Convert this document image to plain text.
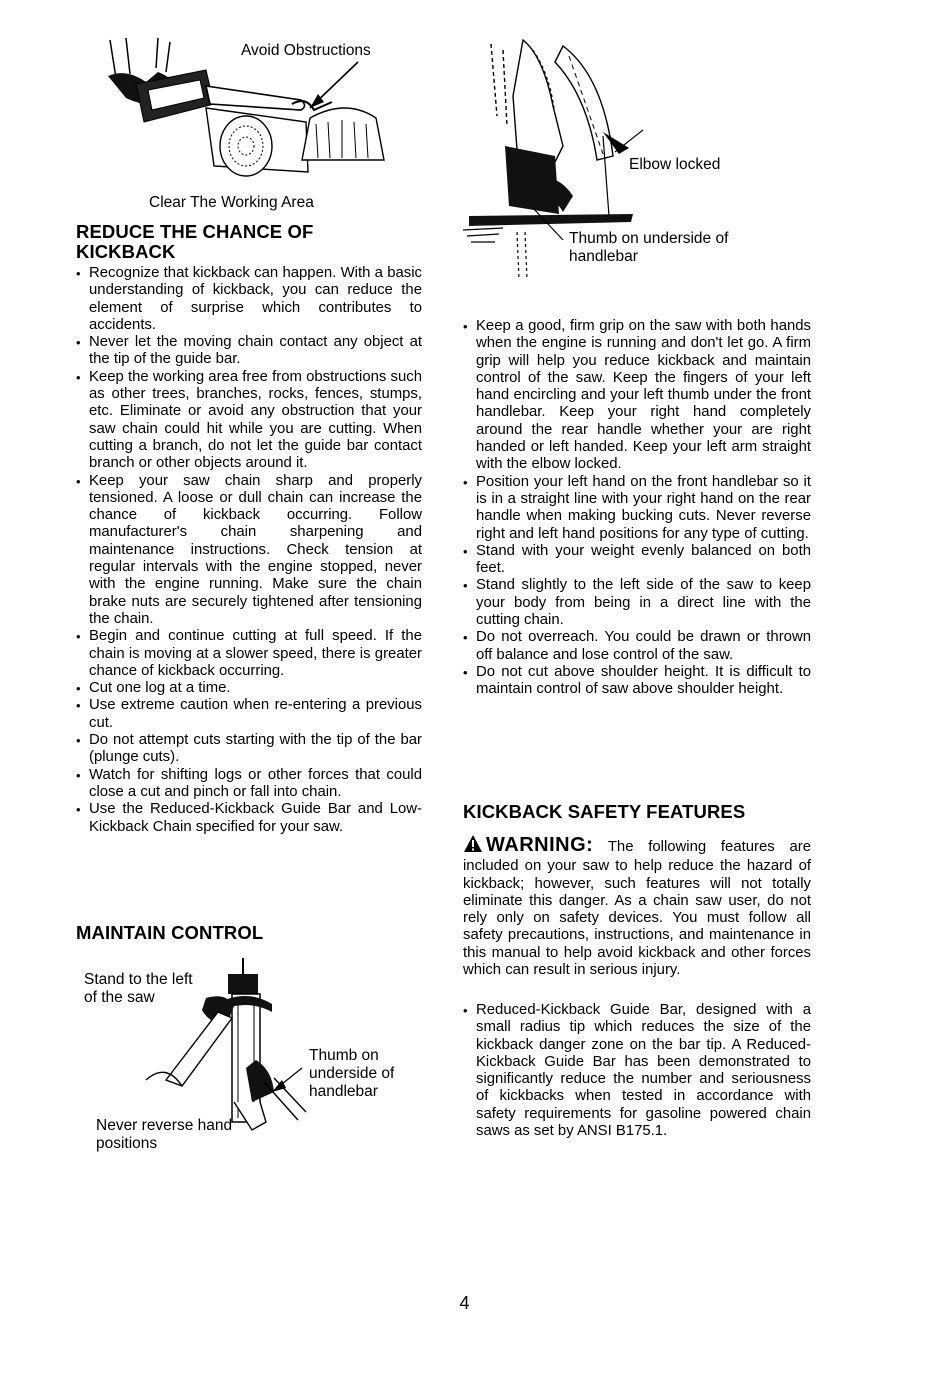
Avoid Obstructions
Clear The Working Area
REDUCE THE CHANCE OF KICKBACK
• Recognize that kickback can happen. With a basic understanding of kickback, you can reduce the element of surprise which contributes to accidents.
• Never let the moving chain contact any object at the tip of the guide bar.
• Keep the working area free from obstructions such as other trees, branches, rocks, fences, stumps, etc. Eliminate or avoid any obstruction that your saw chain could hit while you are cutting. When cutting a branch, do not let the guide bar contact branch or other objects around it.
• Keep your saw chain sharp and properly tensioned. A loose or dull chain can increase the chance of kickback occurring. Follow manufacturer's chain sharpening and maintenance instructions. Check tension at regular intervals with the engine stopped, never with the engine running. Make sure the chain brake nuts are securely tightened after tensioning the chain.
• Begin and continue cutting at full speed. If the chain is moving at a slower speed, there is greater chance of kickback occurring.
• Cut one log at a time.
• Use extreme caution when re-entering a previous cut.
• Do not attempt cuts starting with the tip of the bar (plunge cuts).
• Watch for shifting logs or other forces that could close a cut and pinch or fall into chain.
• Use the Reduced-Kickback Guide Bar and Low-Kickback Chain specified for your saw.
MAINTAIN CONTROL
Stand to the left of the saw
Thumb on underside of handlebar
Never reverse hand positions
Elbow locked
Thumb on underside of handlebar
• Keep a good, firm grip on the saw with both hands when the engine is running and don't let go. A firm grip will help you reduce kickback and maintain control of the saw. Keep the fingers of your left hand encircling and your left thumb under the front handlebar. Keep your right hand completely around the rear handle whether your are right handed or left handed. Keep your left arm straight with the elbow locked.
• Position your left hand on the front handlebar so it is in a straight line with your right hand on the rear handle when making bucking cuts. Never reverse right and left hand positions for any type of cutting.
• Stand with your weight evenly balanced on both feet.
• Stand slightly to the left side of the saw to keep your body from being in a direct line with the cutting chain.
• Do not overreach. You could be drawn or thrown off balance and lose control of the saw.
• Do not cut above shoulder height. It is difficult to maintain control of saw above shoulder height.
KICKBACK SAFETY FEATURES

WARNING: The following features are included on your saw to help reduce the hazard of kickback; however, such features will not totally eliminate this danger. As a chain saw user, do not rely only on safety devices. You must follow all safety precautions, instructions, and maintenance in this manual to help avoid kickback and other forces which can result in serious injury.

• Reduced-Kickback Guide Bar, designed with a small radius tip which reduces the size of the kickback danger zone on the bar tip. A Reduced-Kickback Guide Bar has been demonstrated to significantly reduce the number and seriousness of kickbacks when tested in accordance with safety requirements for gasoline powered chain saws as set by ANSI B175.1.
4
